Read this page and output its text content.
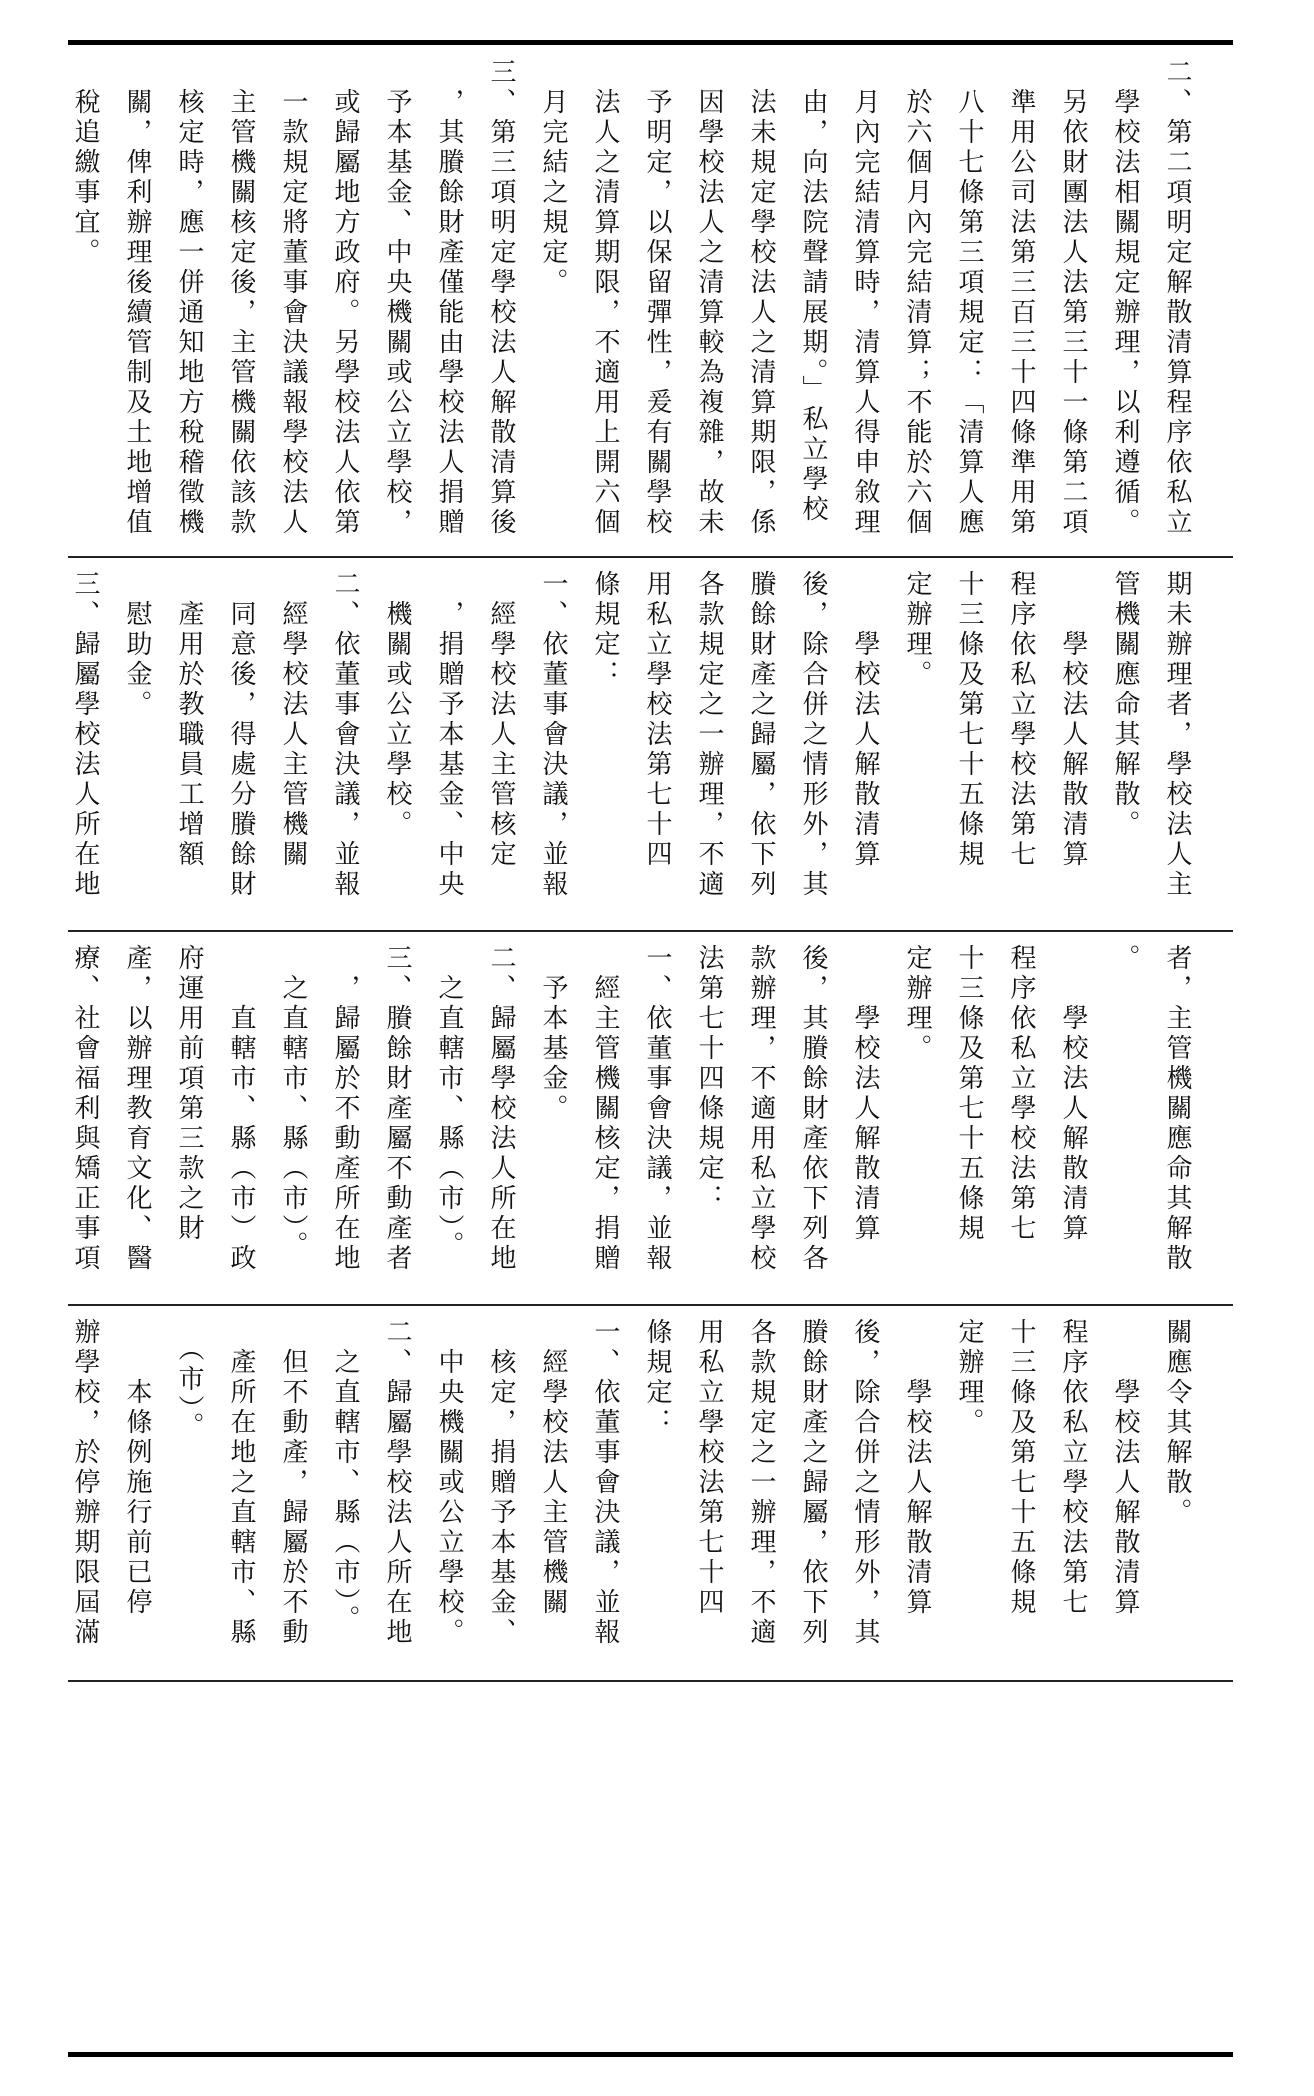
二、第二項明定解散清算程序依私立
　學校法相關規定辦理，以利遵循。
　另依財團法人法第三十一條第二項
　準用公司法第三百三十四條準用第
　八十七條第三項規定：「清算人應
　於六個月內完結清算；不能於六個
　月內完結清算時，清算人得申敘理
　由，向法院聲請展期。」私立學校
　法未規定學校法人之清算期限，係
　因學校法人之清算較為複雜，故未
　予明定，以保留彈性，爰有關學校
　法人之清算期限，不適用上開六個
　月完結之規定。
三、第三項明定學校法人解散清算後
　，其賸餘財產僅能由學校法人捐贈
　予本基金、中央機關或公立學校，
　或歸屬地方政府。另學校法人依第
　一款規定將董事會決議報學校法人
　主管機關核定後，主管機關依該款
　核定時，應一併通知地方稅稽徵機
　關，俾利辦理後續管制及土地增值
　稅追繳事宜。
期未辦理者，學校法人主
管機關應命其解散。
　　學校法人解散清算
程序依私立學校法第七
十三條及第七十五條規
定辦理。
　　學校法人解散清算
後，除合併之情形外，其
賸餘財產之歸屬，依下列
各款規定之一辦理，不適
用私立學校法第七十四
條規定：
一、依董事會決議，並報
　經學校法人主管核定
　，捐贈予本基金、中央
　機關或公立學校。
二、依董事會決議，並報
　經學校法人主管機關
　同意後，得處分賸餘財
　產用於教職員工增額
　慰助金。
三、歸屬學校法人所在地
者，主管機關應命其解散
。
　　學校法人解散清算
程序依私立學校法第七
十三條及第七十五條規
定辦理。
　　學校法人解散清算
後，其賸餘財產依下列各
款辦理，不適用私立學校
法第七十四條規定：
一、依董事會決議，並報
　經主管機關核定，捐贈
　予本基金。
二、歸屬學校法人所在地
　之直轄市、縣（市）。
三、賸餘財產屬不動產者
　，歸屬於不動產所在地
　之直轄市、縣（市）。
　　直轄市、縣（市）政
府運用前項第三款之財
產，以辦理教育文化、醫
療、社會福利與矯正事項
關應令其解散。
　　學校法人解散清算
程序依私立學校法第七
十三條及第七十五條規
定辦理。
　　學校法人解散清算
後，除合併之情形外，其
賸餘財產之歸屬，依下列
各款規定之一辦理，不適
用私立學校法第七十四
條規定：
一、依董事會決議，並報
　經學校法人主管機關
　核定，捐贈予本基金、
　中央機關或公立學校。
二、歸屬學校法人所在地
　之直轄市、縣（市）。
　但不動產，歸屬於不動
　產所在地之直轄市、縣
　（市）。
　　本條例施行前已停
辦學校，於停辦期限屆滿
